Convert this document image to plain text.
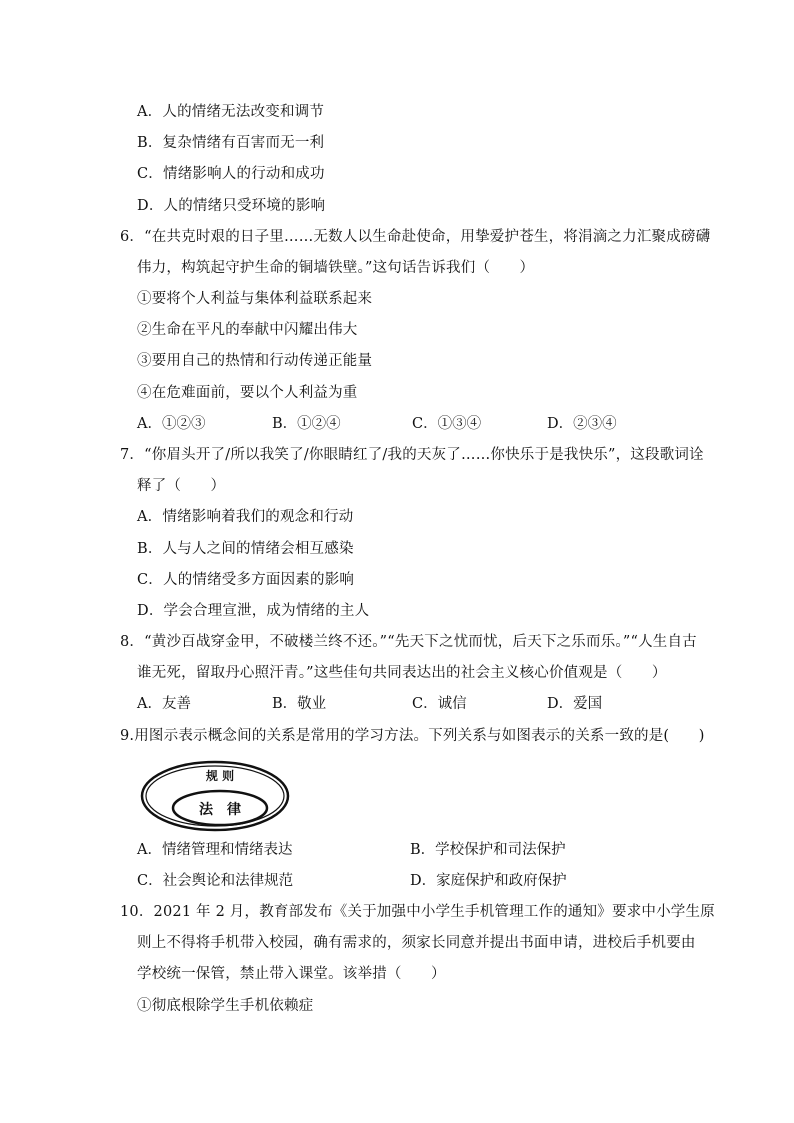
A．人的情绪无法改变和调节
B．复杂情绪有百害而无一利
C．情绪影响人的行动和成功
D．人的情绪只受环境的影响
6．“在共克时艰的日子里……无数人以生命赴使命，用挚爱护苍生，将涓滴之力汇聚成磅礴
伟力，构筑起守护生命的铜墙铁壁。”这句话告诉我们（　　）
①要将个人利益与集体利益联系起来
②生命在平凡的奉献中闪耀出伟大
③要用自己的热情和行动传递正能量
④在危难面前，要以个人利益为重
A．①②③	B．①②④	C．①③④	D．②③④
7．“你眉头开了/所以我笑了/你眼睛红了/我的天灰了……你快乐于是我快乐”，这段歌词诠
释了（　　）
A．情绪影响着我们的观念和行动
B．人与人之间的情绪会相互感染
C．人的情绪受多方面因素的影响
D．学会合理宣泄，成为情绪的主人
8．“黄沙百战穿金甲，不破楼兰终不还。”“先天下之忧而忧，后天下之乐而乐。”“人生自古
谁无死，留取丹心照汗青。”这些佳句共同表达出的社会主义核心价值观是（　　）
A．友善	B．敬业	C．诚信	D．爱国
9.用图示表示概念间的关系是常用的学习方法。下列关系与如图表示的关系一致的是(　　)
规 则
法　律
A．情绪管理和情绪表达	B．学校保护和司法保护
C．社会舆论和法律规范	D．家庭保护和政府保护
10．2021 年 2 月，教育部发布《关于加强中小学生手机管理工作的通知》要求中小学生原
则上不得将手机带入校园，确有需求的，须家长同意并提出书面申请，进校后手机要由
学校统一保管，禁止带入课堂。该举措（　　）
①彻底根除学生手机依赖症
